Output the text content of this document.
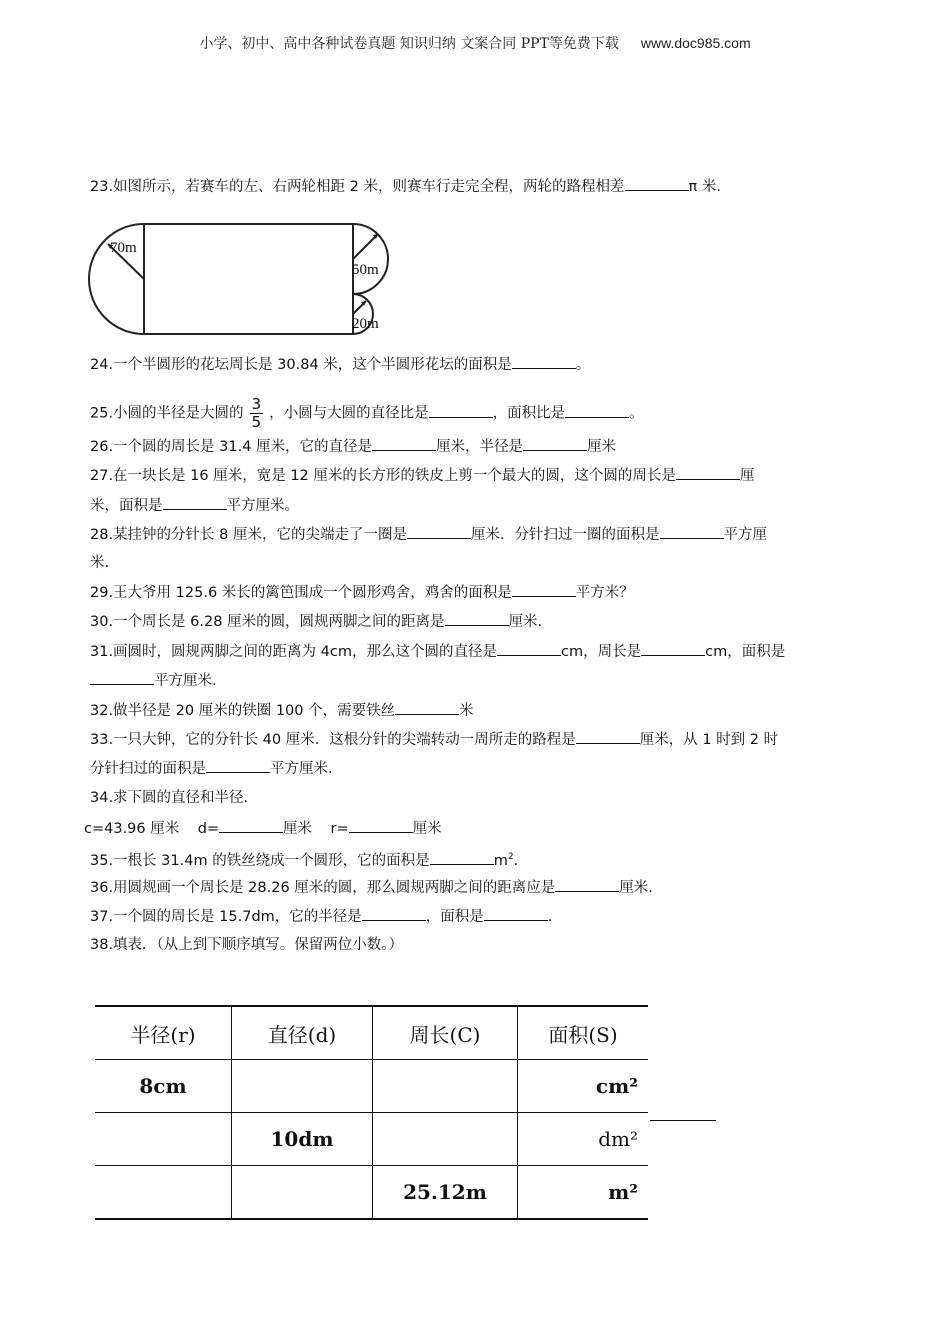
小学、初中、高中各种试卷真题 知识归纳 文案合同 PPT等免费下载 www.doc985.com
23.如图所示，若赛车的左、右两轮相距 2 米，则赛车行走完全程，两轮的路程相差	π 米.
70m
50m
20m
24.一个半圆形的花坛周长是 30.84 米，这个半圆形花坛的面积是	。
25.小圆的半径是大圆的 $\frac{3}{5}$ ，小圆与大圆的直径比是	，面积比是	。
26.一个圆的周长是 31.4 厘米，它的直径是	厘米，半径是	厘米
27.在一块长是 16 厘米，宽是 12 厘米的长方形的铁皮上剪一个最大的圆，这个圆的周长是	厘
米，面积是	平方厘米。
28.某挂钟的分针长 8 厘米，它的尖端走了一圈是	厘米．分针扫过一圈的面积是	平方厘
米.
29.王大爷用 125.6 米长的篱笆围成一个圆形鸡舍，鸡舍的面积是	平方米？
30.一个周长是 6.28 厘米的圆，圆规两脚之间的距离是	厘米.
31.画圆时，圆规两脚之间的距离为 4cm，那么这个圆的直径是	cm，周长是	cm，面积是
平方厘米.
32.做半径是 20 厘米的铁圈 100 个，需要铁丝	米
33.一只大钟，它的分针长 40 厘米．这根分针的尖端转动一周所走的路程是	厘米，从 1 时到 2 时
分针扫过的面积是	平方厘米.
34.求下圆的直径和半径.
c=43.96 厘米 d=	厘米 r=	厘米
35.一根长 31.4m 的铁丝绕成一个圆形，它的面积是	$m^2$.
36.用圆规画一个周长是 28.26 厘米的圆，那么圆规两脚之间的距离应是	厘米.
37.一个圆的周长是 15.7dm，它的半径是	，面积是	.
38.填表．（从上到下顺序填写。保留两位小数。）
半径(r)	直径(d)	周长(C)	面积(S)
8cm			cm²
	10dm		dm²
		25.12m	m²
